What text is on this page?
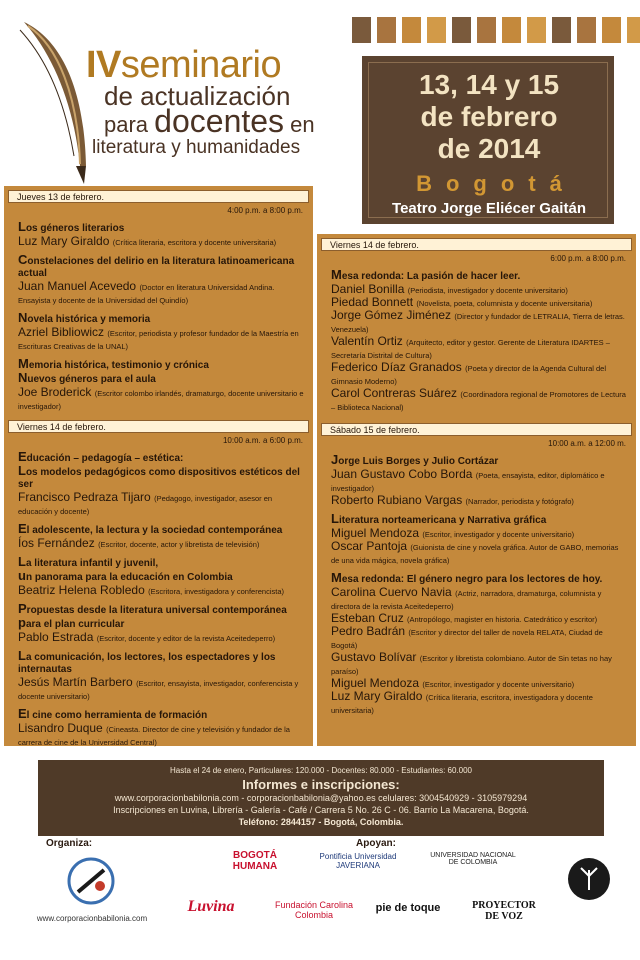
IVseminario
de actualización
para docentes en
literatura y humanidades
13, 14 y 15
de febrero
de 2014
Bogotá
Teatro Jorge Eliécer Gaitán
Jueves 13 de febrero.
4:00 p.m. a 8:00 p.m.
Los géneros literarios
Luz Mary Giraldo (Crítica literaria, escritora y docente universitaria)
Constelaciones del delirio en la literatura latinoamericana actual
Juan Manuel Acevedo (Doctor en literatura Universidad Andina. Ensayista y docente de la Universidad del Quindío)
Novela histórica y memoria
Azriel Bibliowicz (Escritor, periodista y profesor fundador de la Maestría en Escrituras Creativas de la UNAL)
Memoria histórica, testimonio y crónica
Nuevos géneros para el aula
Joe Broderick (Escritor colombo irlandés, dramaturgo, docente universitario e investigador)
Viernes 14 de febrero.
10:00 a.m. a 6:00 p.m.
Educación – pedagogía – estética:
Los modelos pedagógicos como dispositivos estéticos del ser
Francisco Pedraza Tijaro (Pedagogo, investigador, asesor en educación y docente)
El adolescente, la lectura y la sociedad contemporánea
Íos Fernández (Escritor, docente, actor y libretista de televisión)
La literatura infantil y juvenil,
un panorama para la educación en Colombia
Beatriz Helena Robledo (Escritora, investigadora y conferencista)
Propuestas desde la literatura universal contemporánea
para el plan curricular
Pablo Estrada (Escritor, docente y editor de la revista Aceitedeperro)
La comunicación, los lectores, los espectadores y los internautas
Jesús Martín Barbero (Escritor, ensayista, investigador, conferencista y docente universitario)
El cine como herramienta de formación
Lisandro Duque (Cineasta. Director de cine y televisión y fundador de la carrera de cine de la Universidad Central)
Viernes 14 de febrero.
6:00 p.m. a 8:00 p.m.
Mesa redonda: La pasión de hacer leer.
Daniel Bonilla (Periodista, investigador y docente universitario)
Piedad Bonnett (Novelista, poeta, columnista y docente universitaria)
Jorge Gómez Jiménez (Director y fundador de LETRALIA, Tierra de letras. Venezuela)
Valentín Ortiz (Arquitecto, editor y gestor. Gerente de Literatura IDARTES – Secretaría Distrital de Cultura)
Federico Díaz Granados (Poeta y director de la Agenda Cultural del Gimnasio Moderno)
Carol Contreras Suárez (Coordinadora regional de Promotores de Lectura – Biblioteca Nacional)
Sábado 15 de febrero.
10:00 a.m. a 12:00 m.
Jorge Luis Borges y Julio Cortázar
Juan Gustavo Cobo Borda (Poeta, ensayista, editor, diplomático e investigador)
Roberto Rubiano Vargas (Narrador, periodista y fotógrafo)
Literatura norteamericana y Narrativa gráfica
Miguel Mendoza (Escritor, investigador y docente universitario)
Oscar Pantoja (Guionista de cine y novela gráfica. Autor de GABO, memorias de una vida mágica, novela gráfica)
Mesa redonda: El género negro para los lectores de hoy.
Carolina Cuervo Navia (Actriz, narradora, dramaturga, columnista y directora de la revista Aceitedeperro)
Esteban Cruz (Antropólogo, magister en historia. Catedrático y escritor)
Pedro Badrán (Escritor y director del taller de novela RELATA, Ciudad de Bogotá)
Gustavo Bolívar (Escritor y libretista colombiano. Autor de Sin tetas no hay paraíso)
Miguel Mendoza (Escritor, investigador y docente universitario)
Luz Mary Giraldo (Crítica literaria, escritora, investigadora y docente universitaria)
Hasta el 24 de enero, Particulares: 120.000 - Docentes: 80.000 - Estudiantes: 60.000
Informes e inscripciones:
www.corporacionbabilonia.com - corporacionbabilonia@yahoo.es celulares: 3004540929 - 3105979294
Inscripciones en Luvina, Librería - Galería - Café / Carrera 5 No. 26 C - 06. Barrio La Macarena, Bogotá.
Teléfono: 2844157 - Bogotá, Colombia.
Organiza:	Apoyan:
www.corporacionbabilonia.com
BOGOTÁ HUMANA
Pontificia Universidad JAVERIANA
UNIVERSIDAD NACIONAL DE COLOMBIA
REDNEL
Luvina	Fundación Carolina Colombia
pie de toque	PROYECTOR DE VOZ
